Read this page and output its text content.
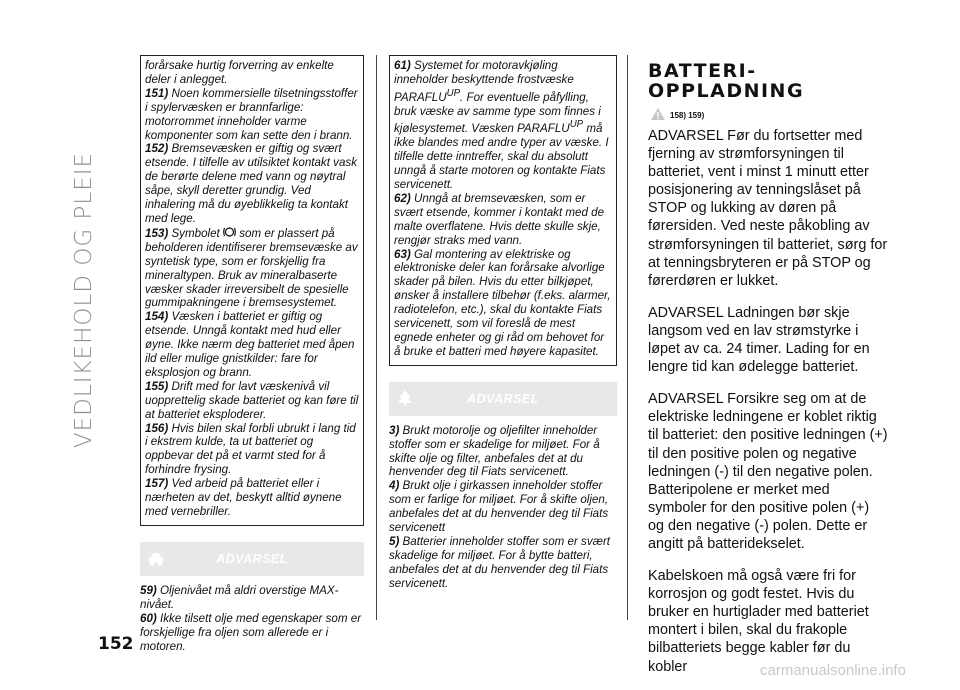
VEDLIKEHOLD OG PLEIE

forårsake hurtig forverring av enkelte deler i anlegget.

151) Noen kommersielle tilsetningsstoffer i spylervæsken er brannfarlige: motorrommet inneholder varme komponenter som kan sette den i brann.

152) Bremsevæsken er giftig og svært etsende. I tilfelle av utilsiktet kontakt vask de berørte delene med vann og nøytral såpe, skyll deretter grundig. Ved inhalering må du øyeblikkelig ta kontakt med lege.

153) Symbolet som er plassert på beholderen identifiserer bremsevæske av syntetisk type, som er forskjellig fra mineraltypen. Bruk av mineralbaserte væsker skader irreversibelt de spesielle gummipakningene i bremsesystemet.

154) Væsken i batteriet er giftig og etsende. Unngå kontakt med hud eller øyne. Ikke nærm deg batteriet med åpen ild eller mulige gnistkilder: fare for eksplosjon og brann.

155) Drift med for lavt væskenivå vil uopprettelig skade batteriet og kan føre til at batteriet eksploderer.

156) Hvis bilen skal forbli ubrukt i lang tid i ekstrem kulde, ta ut batteriet og oppbevar det på et varmt sted for å forhindre frysing.

157) Ved arbeid på batteriet eller i nærheten av det, beskytt alltid øynene med vernebriller.

ADVARSEL

59) Oljenivået må aldri overstige MAX-nivået.

60) Ikke tilsett olje med egenskaper som er forskjellige fra oljen som allerede er i motoren.

61) Systemet for motoravkjøling inneholder beskyttende frostvæske $PARAFLU^{UP}$. For eventuelle påfylling, bruk væske av samme type som finnes i kjølesystemet. Væsken $PARAFLU^{UP}$ må ikke blandes med andre typer av væske. I tilfelle dette inntreffer, skal du absolutt unngå å starte motoren og kontakte Fiats servicenett.

62) Unngå at bremsevæsken, som er svært etsende, kommer i kontakt med de malte overflatene. Hvis dette skulle skje, rengjør straks med vann.

63) Gal montering av elektriske og elektroniske deler kan forårsake alvorlige skader på bilen. Hvis du etter bilkjøpet, ønsker å installere tilbehør (f.eks. alarmer, radiotelefon, etc.), skal du kontakte Fiats servicenett, som vil foreslå de mest egnede enheter og gi råd om behovet for å bruke et batteri med høyere kapasitet.

ADVARSEL

3) Brukt motorolje og oljefilter inneholder stoffer som er skadelige for miljøet. For å skifte olje og filter, anbefales det at du henvender deg til Fiats servicenett.

4) Brukt olje i girkassen inneholder stoffer som er farlige for miljøet. For å skifte oljen, anbefales det at du henvender deg til Fiats servicenett

5) Batterier inneholder stoffer som er svært skadelige for miljøet. For å bytte batteri, anbefales det at du henvender deg til Fiats servicenett.

BATTERI-
OPPLADNING
158) 159)

ADVARSEL Før du fortsetter med fjerning av strømforsyningen til batteriet, vent i minst 1 minutt etter posisjonering av tenningslåset på STOP og lukking av døren på førersiden. Ved neste påkobling av strømforsyningen til batteriet, sørg for at tenningsbryteren er på STOP og førerdøren er lukket.

ADVARSEL Ladningen bør skje langsom ved en lav strømstyrke i løpet av ca. 24 timer. Lading for en lengre tid kan ødelegge batteriet.

ADVARSEL Forsikre seg om at de elektriske ledningene er koblet riktig til batteriet: den positive ledningen (+) til den positive polen og negative ledningen (-) til den negative polen. Batteripolene er merket med symboler for den positive polen (+) og den negative (-) polen. Dette er angitt på batteridekselet.

Kabelskoen må også være fri for korrosjon og godt festet. Hvis du bruker en hurtiglader med batteriet montert i bilen, skal du frakople bilbatteriets begge kabler før du kobler

152
carmanualsonline.info
